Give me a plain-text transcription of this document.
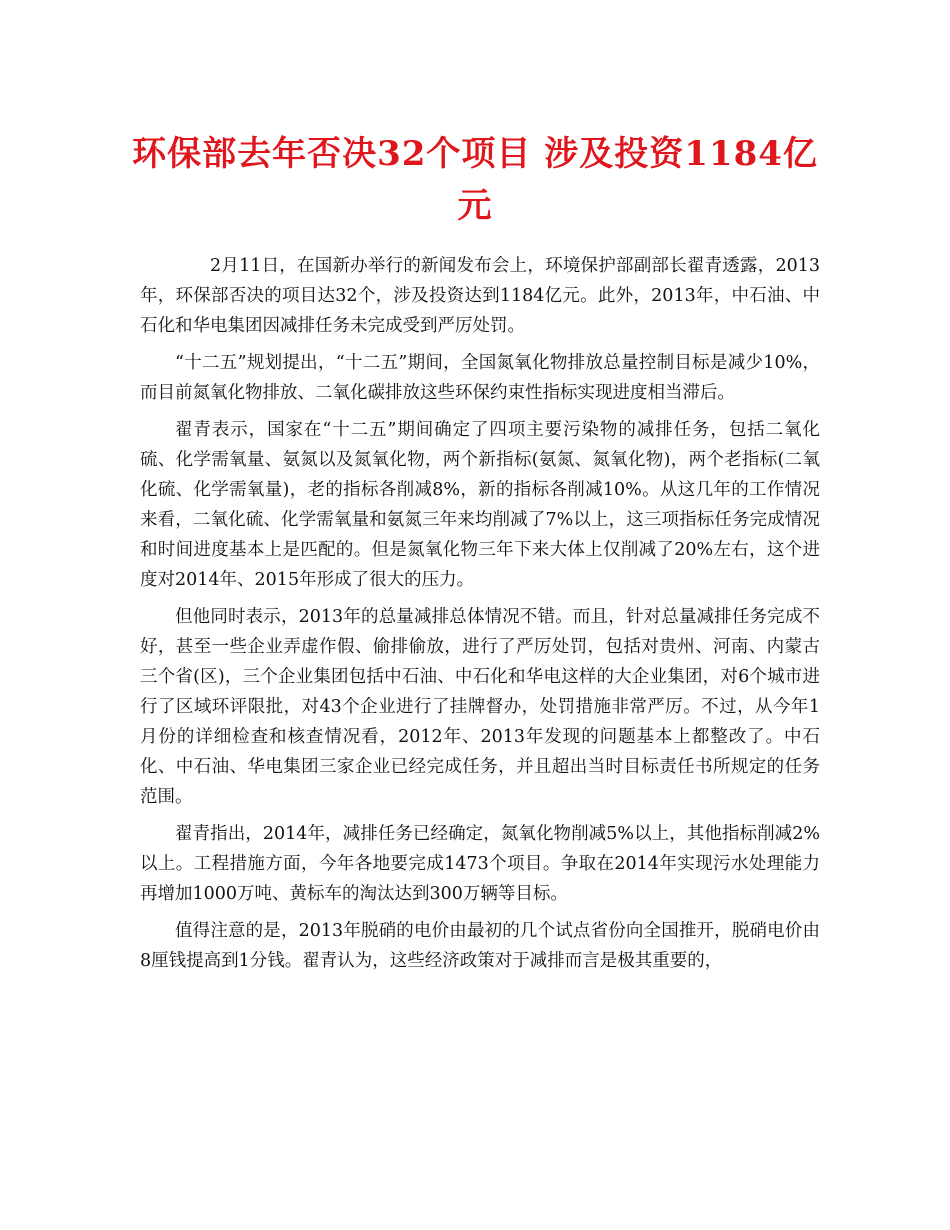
环保部去年否决32个项目 涉及投资1184亿元

2月11日，在国新办举行的新闻发布会上，环境保护部副部长翟青透露，2013年，环保部否决的项目达32个，涉及投资达到1184亿元。此外，2013年，中石油、中石化和华电集团因减排任务未完成受到严厉处罚。

“十二五”规划提出，“十二五”期间，全国氮氧化物排放总量控制目标是减少10%，而目前氮氧化物排放、二氧化碳排放这些环保约束性指标实现进度相当滞后。

翟青表示，国家在“十二五”期间确定了四项主要污染物的减排任务，包括二氧化硫、化学需氧量、氨氮以及氮氧化物，两个新指标(氨氮、氮氧化物)，两个老指标(二氧化硫、化学需氧量)，老的指标各削减8%，新的指标各削减10%。从这几年的工作情况来看，二氧化硫、化学需氧量和氨氮三年来均削减了7%以上，这三项指标任务完成情况和时间进度基本上是匹配的。但是氮氧化物三年下来大体上仅削减了20%左右，这个进度对2014年、2015年形成了很大的压力。

但他同时表示，2013年的总量减排总体情况不错。而且，针对总量减排任务完成不好，甚至一些企业弄虚作假、偷排偷放，进行了严厉处罚，包括对贵州、河南、内蒙古三个省(区)，三个企业集团包括中石油、中石化和华电这样的大企业集团，对6个城市进行了区域环评限批，对43个企业进行了挂牌督办，处罚措施非常严厉。不过，从今年1月份的详细检查和核查情况看，2012年、2013年发现的问题基本上都整改了。中石化、中石油、华电集团三家企业已经完成任务，并且超出当时目标责任书所规定的任务范围。

翟青指出，2014年，减排任务已经确定，氮氧化物削减5%以上，其他指标削减2%以上。工程措施方面，今年各地要完成1473个项目。争取在2014年实现污水处理能力再增加1000万吨、黄标车的淘汰达到300万辆等目标。

值得注意的是，2013年脱硝的电价由最初的几个试点省份向全国推开，脱硝电价由8厘钱提高到1分钱。翟青认为，这些经济政策对于减排而言是极其重要的，
